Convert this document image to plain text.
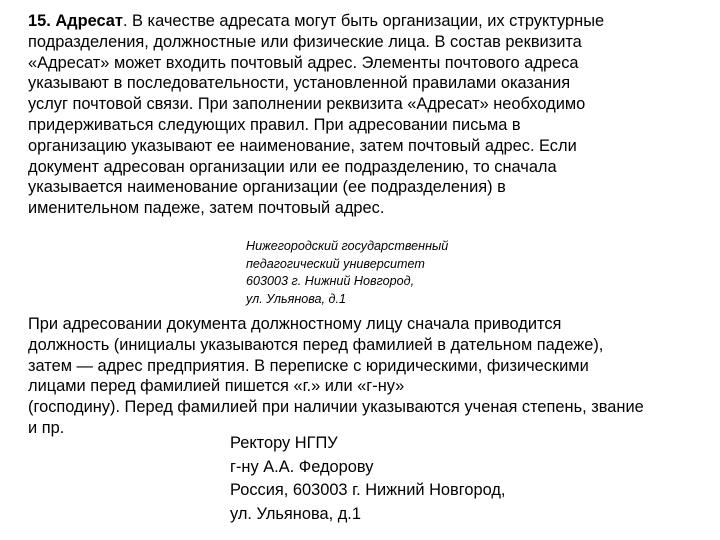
15. Адресат. В качестве адресата могут быть организации, их структурные
подразделения, должностные или физические лица. В состав реквизита
«Адресат» может входить почтовый адрес. Элементы почтового адреса
указывают в последовательности, установленной правилами оказания
услуг почтовой связи. При заполнении реквизита «Адресат» необходимо
придерживаться следующих правил. При адресовании письма в
организацию указывают ее наименование, затем почтовый адрес. Если
документ адресован организации или ее подразделению, то сначала
указывается наименование организации (ее подразделения) в
именительном падеже, затем почтовый адрес.

Нижегородский государственный
педагогический университет
603003 г. Нижний Новгород,
ул. Ульянова, д.1

При адресовании документа должностному лицу сначала приводится
должность (инициалы указываются перед фамилией в дательном падеже),
затем — адрес предприятия. В переписке с юридическими, физическими
лицами перед фамилией пишется «г.» или «г-ну»
(господину). Перед фамилией при наличии указываются ученая степень, звание
и пр.

Ректору НГПУ
г-ну А.А. Федорову
Россия, 603003 г. Нижний Новгород,
ул. Ульянова, д.1
